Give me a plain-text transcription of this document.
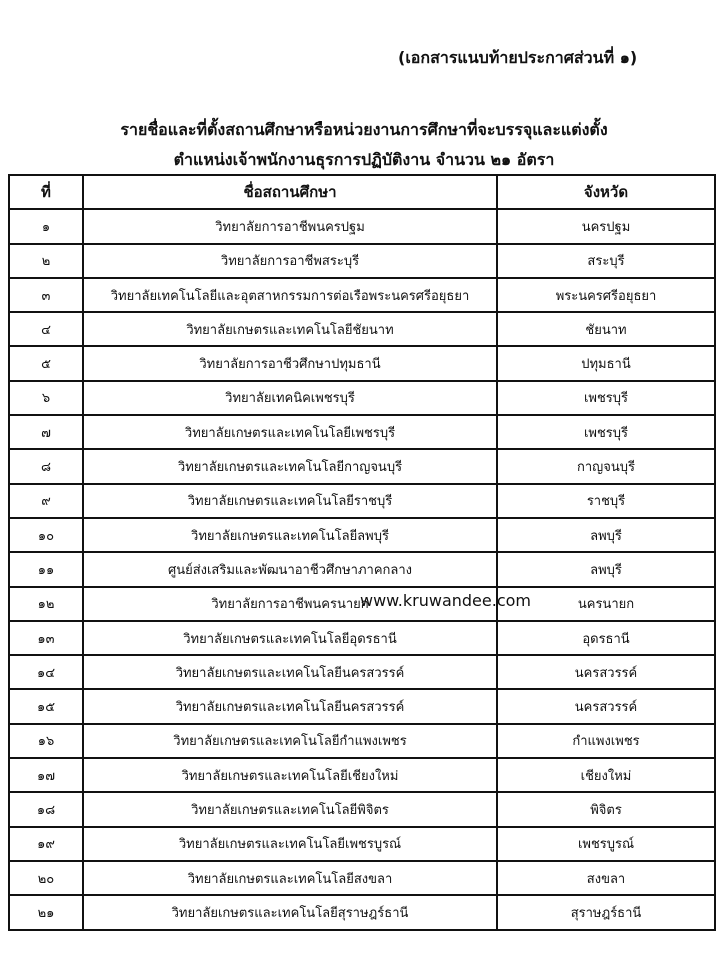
(เอกสารแนบท้ายประกาศส่วนที่ ๑)
รายชื่อและที่ตั้งสถานศึกษาหรือหน่วยงานการศึกษาที่จะบรรจุและแต่งตั้ง
ตำแหน่งเจ้าพนักงานธุรการปฏิบัติงาน จำนวน ๒๑ อัตรา
ที่	ชื่อสถานศึกษา	จังหวัด
๑	วิทยาลัยการอาชีพนครปฐม	นครปฐม
๒	วิทยาลัยการอาชีพสระบุรี	สระบุรี
๓	วิทยาลัยเทคโนโลยีและอุตสาหกรรมการต่อเรือพระนครศรีอยุธยา	พระนครศรีอยุธยา
๔	วิทยาลัยเกษตรและเทคโนโลยีชัยนาท	ชัยนาท
๕	วิทยาลัยการอาชีวศึกษาปทุมธานี	ปทุมธานี
๖	วิทยาลัยเทคนิคเพชรบุรี	เพชรบุรี
๗	วิทยาลัยเกษตรและเทคโนโลยีเพชรบุรี	เพชรบุรี
๘	วิทยาลัยเกษตรและเทคโนโลยีกาญจนบุรี	กาญจนบุรี
๙	วิทยาลัยเกษตรและเทคโนโลยีราชบุรี	ราชบุรี
๑๐	วิทยาลัยเกษตรและเทคโนโลยีลพบุรี	ลพบุรี
๑๑	ศูนย์ส่งเสริมและพัฒนาอาชีวศึกษาภาคกลาง	ลพบุรี
๑๒	วิทยาลัยการอาชีพนครนายก	นครนายก
๑๓	วิทยาลัยเกษตรและเทคโนโลยีอุดรธานี	อุดรธานี
๑๔	วิทยาลัยเกษตรและเทคโนโลยีนครสวรรค์	นครสวรรค์
๑๕	วิทยาลัยเกษตรและเทคโนโลยีนครสวรรค์	นครสวรรค์
๑๖	วิทยาลัยเกษตรและเทคโนโลยีกำแพงเพชร	กำแพงเพชร
๑๗	วิทยาลัยเกษตรและเทคโนโลยีเชียงใหม่	เชียงใหม่
๑๘	วิทยาลัยเกษตรและเทคโนโลยีพิจิตร	พิจิตร
๑๙	วิทยาลัยเกษตรและเทคโนโลยีเพชรบูรณ์	เพชรบูรณ์
๒๐	วิทยาลัยเกษตรและเทคโนโลยีสงขลา	สงขลา
๒๑	วิทยาลัยเกษตรและเทคโนโลยีสุราษฎร์ธานี	สุราษฎร์ธานี
www.kruwandee.com
